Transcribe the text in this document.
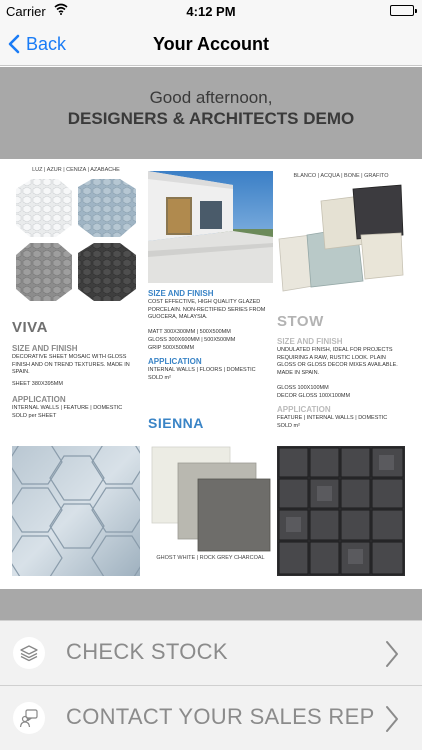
Carrier	4:12 PM
Back	Your Account
Good afternoon,
DESIGNERS & ARCHITECTS DEMO
LUZ | AZUR | CENIZA | AZABACHE
VIVA
SIZE AND FINISH
DECORATIVE SHEET MOSAIC WITH GLOSS FINISH AND ON TREND TEXTURES. MADE IN SPAIN.
SHEET 380X395MM
APPLICATION
INTERNAL WALLS | FEATURE | DOMESTIC
SOLD per SHEET
SIZE AND FINISH
COST EFFECTIVE, HIGH QUALITY GLAZED PORCELAIN. NON-RECTIFIED SERIES FROM GUOCERA, MALAYSIA.
MATT 300X300MM | 500X500MM
GLOSS 300X600MM | 500X500MM
GRIP 500X500MM
APPLICATION
INTERNAL WALLS | FLOORS | DOMESTIC
SOLD m²
SIENNA
GHOST WHITE | ROCK GREY CHARCOAL
BLANCO | ACQUA | BONE | GRAFITO
STOW
SIZE AND FINISH
UNDULATED FINISH, IDEAL FOR PROJECTS REQUIRING A RAW, RUSTIC LOOK. PLAIN GLOSS OR GLOSS DECOR MIXES AVAILABLE. MADE IN SPAIN.
GLOSS 100X100MM
DECOR GLOSS 100X100MM
APPLICATION
FEATURE | INTERNAL WALLS | DOMESTIC
SOLD m²
CHECK STOCK
CONTACT YOUR SALES REP
